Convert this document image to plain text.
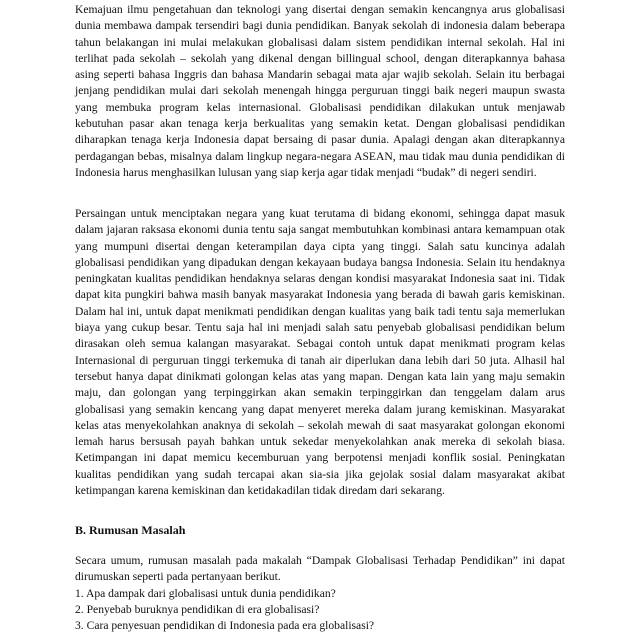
Kemajuan ilmu pengetahuan dan teknologi yang disertai dengan semakin kencangnya arus globalisasi dunia membawa dampak tersendiri bagi dunia pendidikan. Banyak sekolah di indonesia dalam beberapa tahun belakangan ini mulai melakukan globalisasi dalam sistem pendidikan internal sekolah. Hal ini terlihat pada sekolah – sekolah yang dikenal dengan billingual school, dengan diterapkannya bahasa asing seperti bahasa Inggris dan bahasa Mandarin sebagai mata ajar wajib sekolah. Selain itu berbagai jenjang pendidikan mulai dari sekolah menengah hingga perguruan tinggi baik negeri maupun swasta yang membuka program kelas internasional. Globalisasi pendidikan dilakukan untuk menjawab kebutuhan pasar akan tenaga kerja berkualitas yang semakin ketat. Dengan globalisasi pendidikan diharapkan tenaga kerja Indonesia dapat bersaing di pasar dunia. Apalagi dengan akan diterapkannya perdagangan bebas, misalnya dalam lingkup negara-negara ASEAN, mau tidak mau dunia pendidikan di Indonesia harus menghasilkan lulusan yang siap kerja agar tidak menjadi “budak” di negeri sendiri.

Persaingan untuk menciptakan negara yang kuat terutama di bidang ekonomi, sehingga dapat masuk dalam jajaran raksasa ekonomi dunia tentu saja sangat membutuhkan kombinasi antara kemampuan otak yang mumpuni disertai dengan keterampilan daya cipta yang tinggi. Salah satu kuncinya adalah globalisasi pendidikan yang dipadukan dengan kekayaan budaya bangsa Indonesia. Selain itu hendaknya peningkatan kualitas pendidikan hendaknya selaras dengan kondisi masyarakat Indonesia saat ini. Tidak dapat kita pungkiri bahwa masih banyak masyarakat Indonesia yang berada di bawah garis kemiskinan. Dalam hal ini, untuk dapat menikmati pendidikan dengan kualitas yang baik tadi tentu saja memerlukan biaya yang cukup besar. Tentu saja hal ini menjadi salah satu penyebab globalisasi pendidikan belum dirasakan oleh semua kalangan masyarakat. Sebagai contoh untuk dapat menikmati program kelas Internasional di perguruan tinggi terkemuka di tanah air diperlukan dana lebih dari 50 juta. Alhasil hal tersebut hanya dapat dinikmati golongan kelas atas yang mapan. Dengan kata lain yang maju semakin maju, dan golongan yang terpinggirkan akan semakin terpinggirkan dan tenggelam dalam arus globalisasi yang semakin kencang yang dapat menyeret mereka dalam jurang kemiskinan. Masyarakat kelas atas menyekolahkan anaknya di sekolah – sekolah mewah di saat masyarakat golongan ekonomi lemah harus bersusah payah bahkan untuk sekedar menyekolahkan anak mereka di sekolah biasa. Ketimpangan ini dapat memicu kecemburuan yang berpotensi menjadi konflik sosial. Peningkatan kualitas pendidikan yang sudah tercapai akan sia-sia jika gejolak sosial dalam masyarakat akibat ketimpangan karena kemiskinan dan ketidakadilan tidak diredam dari sekarang.

B. Rumusan Masalah
Secara umum, rumusan masalah pada makalah “Dampak Globalisasi Terhadap Pendidikan” ini dapat dirumuskan seperti pada pertanyaan berikut.
1. Apa dampak dari globalisasi untuk dunia pendidikan?
2. Penyebab buruknya pendidikan di era globalisasi?
3. Cara penyesuan pendidikan di Indonesia pada era globalisasi?
